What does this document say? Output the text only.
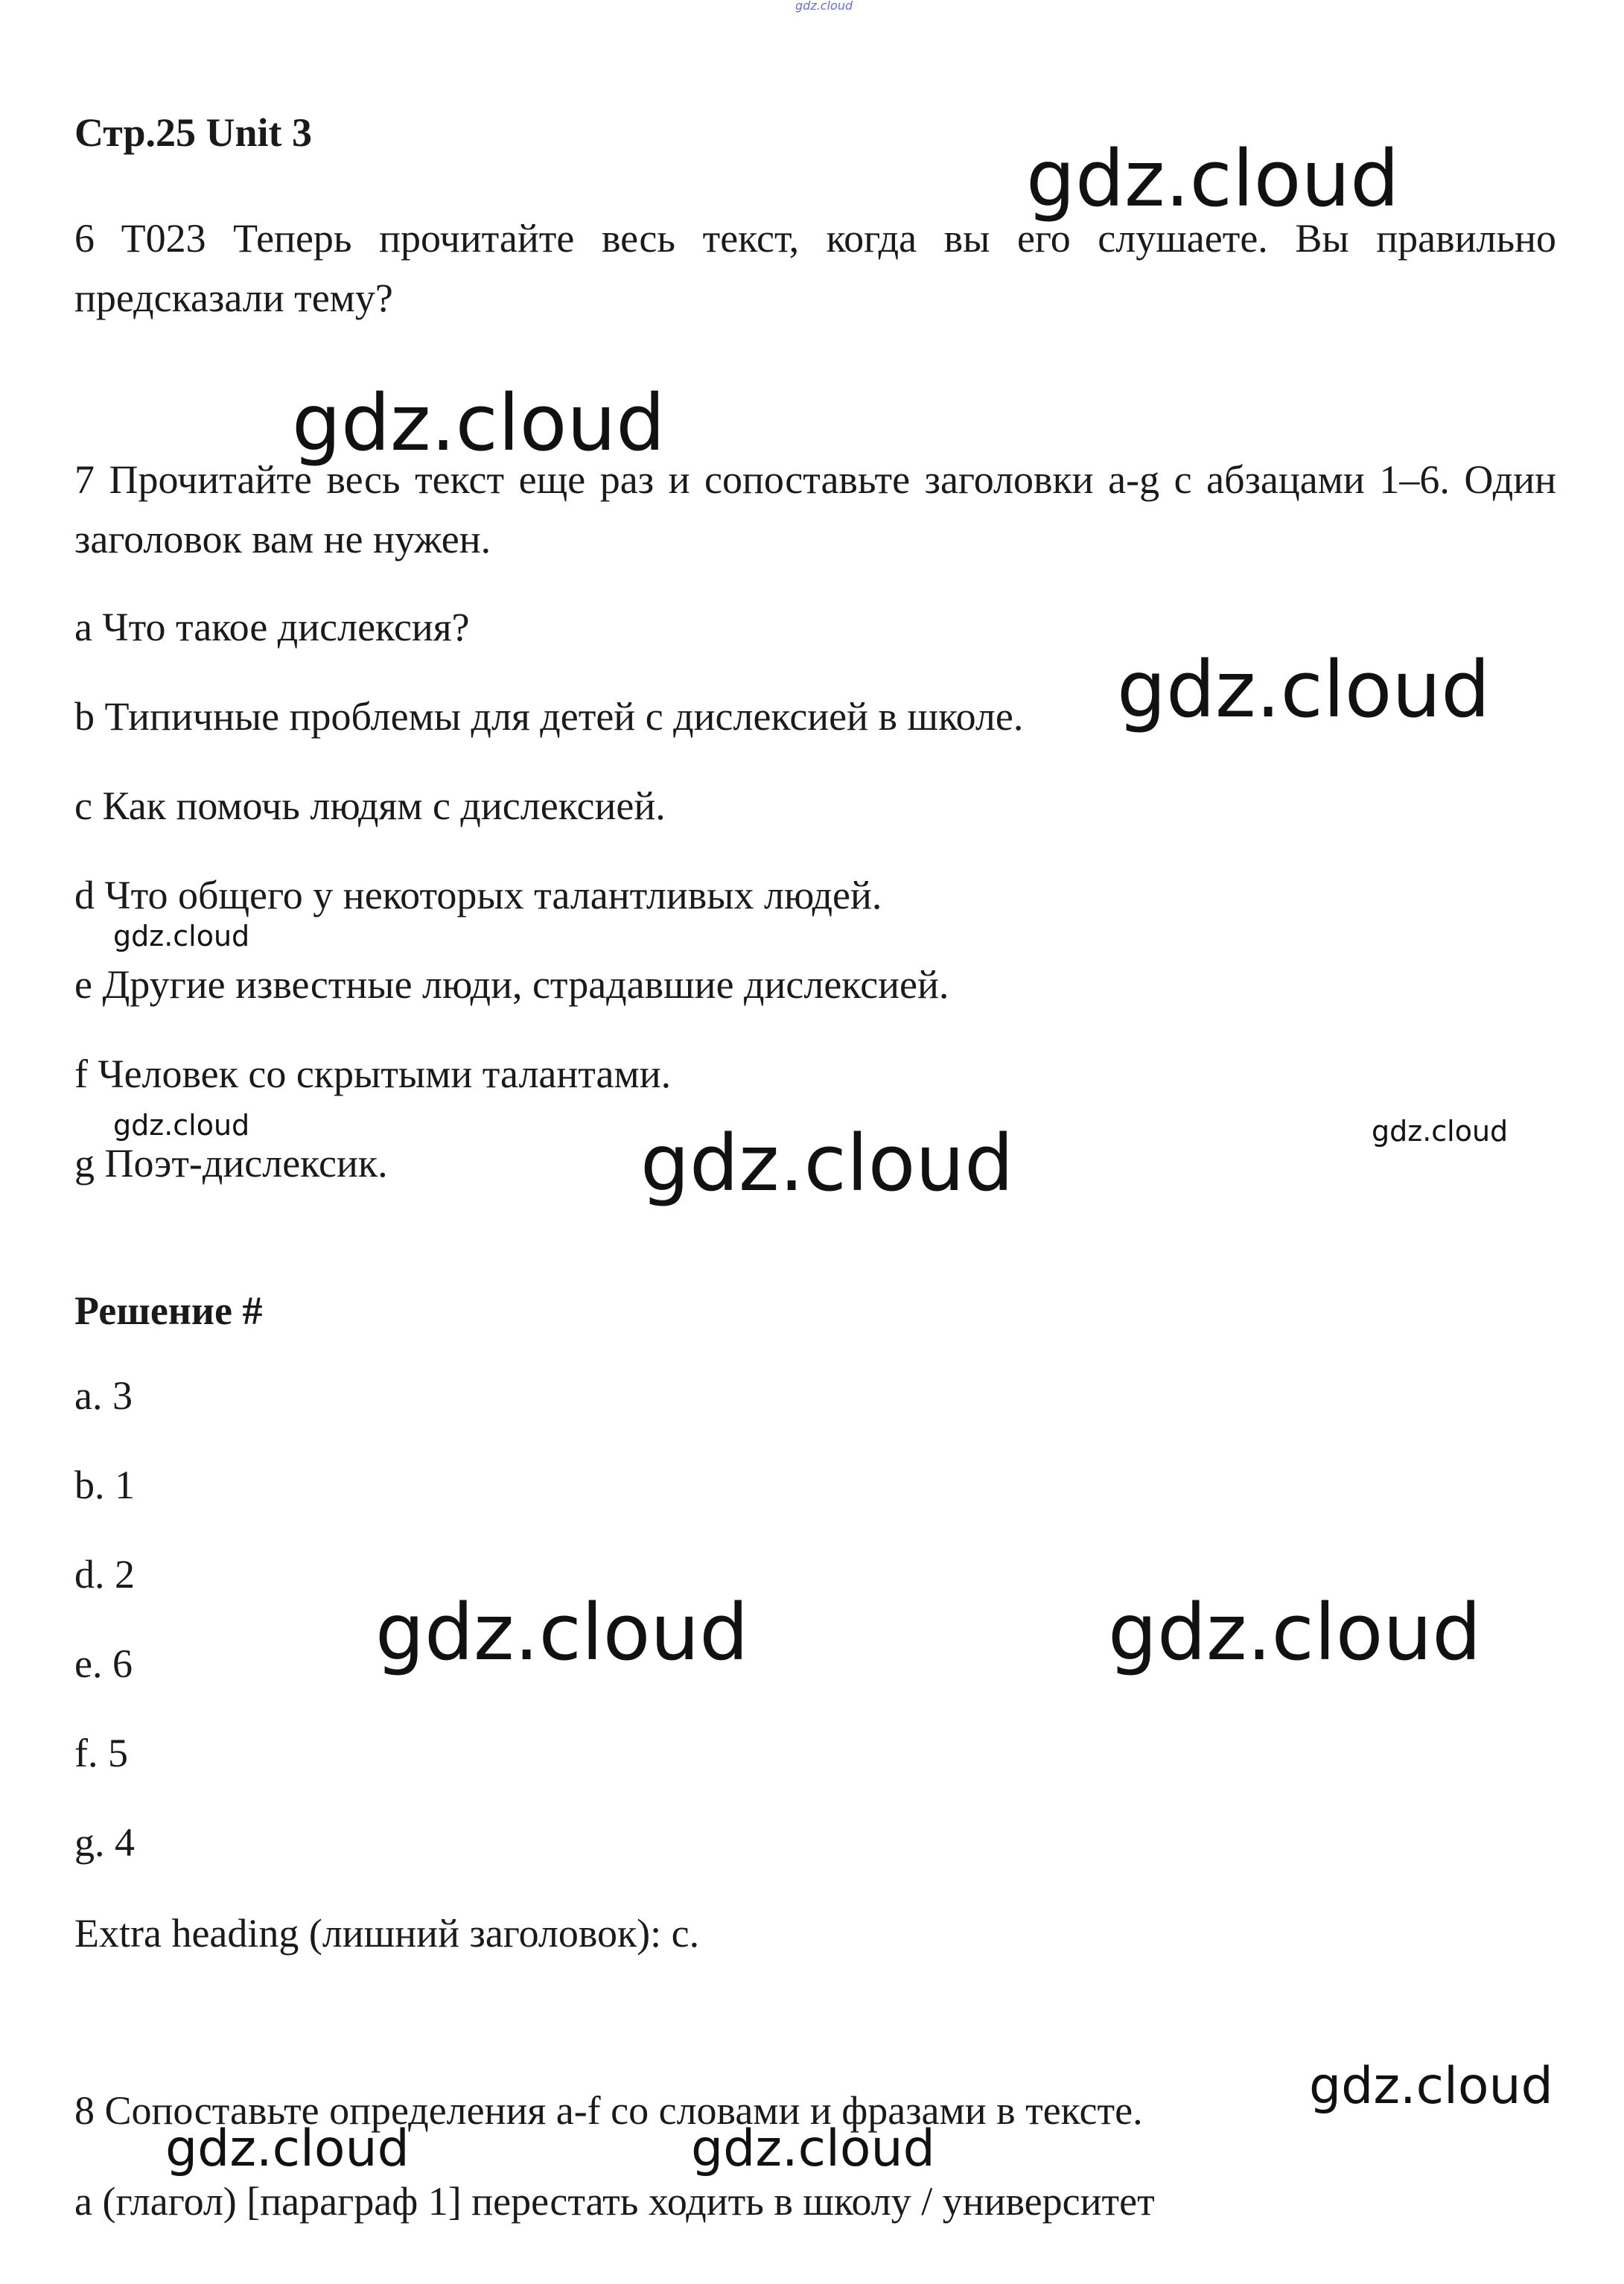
gdz.cloud
Стр.25 Unit 3
gdz.cloud
6 T023 Теперь прочитайте весь текст, когда вы его слушаете. Вы правильно предсказали тему?
gdz.cloud
7 Прочитайте весь текст еще раз и сопоставьте заголовки a-g с абзацами 1–6. Один заголовок вам не нужен.
a Что такое дислексия?
b Типичные проблемы для детей с дислексией в школе. gdz.cloud
c Как помочь людям с дислексией.
d Что общего у некоторых талантливых людей.
gdz.cloud
e Другие известные люди, страдавшие дислексией.
f Человек со скрытыми талантами.
gdz.cloud	gdz.cloud
g Поэт-дислексик.	gdz.cloud
Решение #
a. 3
b. 1
d. 2
gdz.cloud	gdz.cloud
e. 6
f. 5
g. 4
Extra heading (лишний заголовок): c.
gdz.cloud
8 Сопоставьте определения a-f со словами и фразами в тексте.
gdz.cloud	gdz.cloud
а (глагол) [параграф 1] перестать ходить в школу / университет
